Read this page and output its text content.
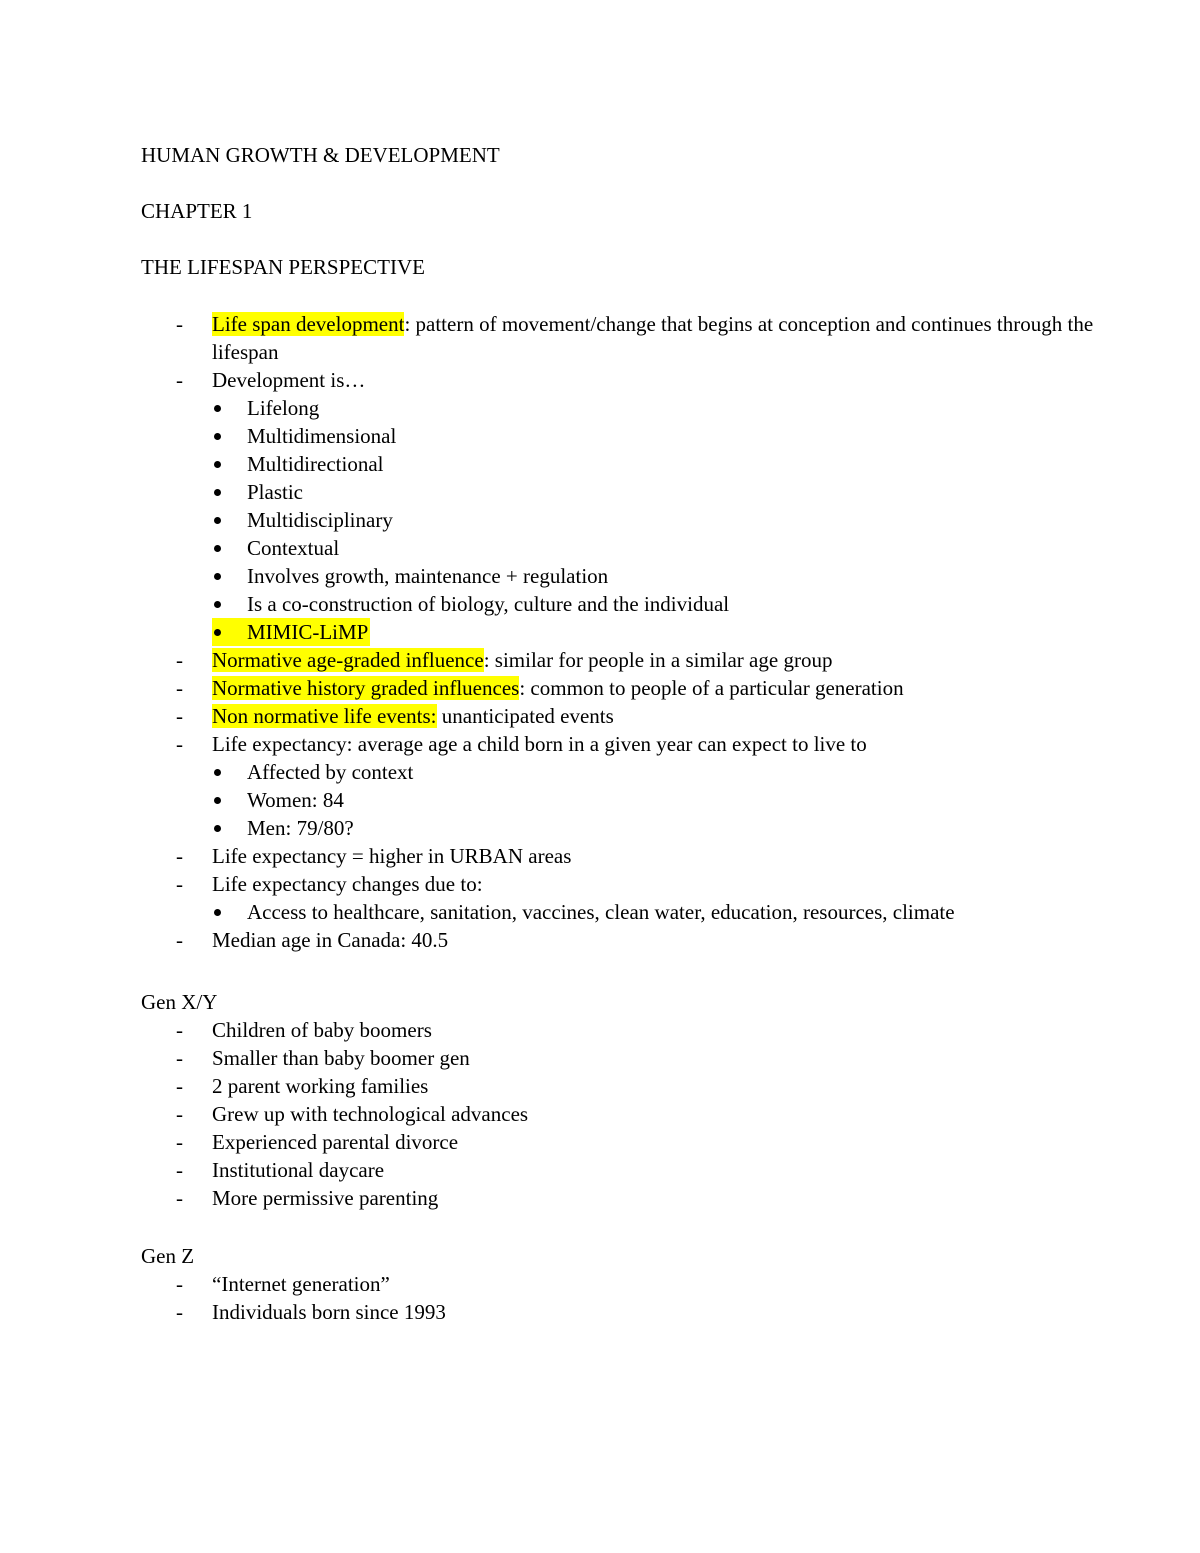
HUMAN GROWTH & DEVELOPMENT
CHAPTER 1
THE LIFESPAN PERSPECTIVE
- Life span development: pattern of movement/change that begins at conception and continues through the lifespan
- Development is…
Lifelong
Multidimensional
Multidirectional
Plastic
Multidisciplinary
Contextual
Involves growth, maintenance + regulation
Is a co-construction of biology, culture and the individual
MIMIC-LiMP
- Normative age-graded influence: similar for people in a similar age group
- Normative history graded influences: common to people of a particular generation
- Non normative life events: unanticipated events
- Life expectancy: average age a child born in a given year can expect to live to
Affected by context
Women: 84
Men: 79/80?
- Life expectancy = higher in URBAN areas
- Life expectancy changes due to:
Access to healthcare, sanitation, vaccines, clean water, education, resources, climate
- Median age in Canada: 40.5
Gen X/Y
- Children of baby boomers
- Smaller than baby boomer gen
- 2 parent working families
- Grew up with technological advances
- Experienced parental divorce
- Institutional daycare
- More permissive parenting
Gen Z
- “Internet generation”
- Individuals born since 1993
